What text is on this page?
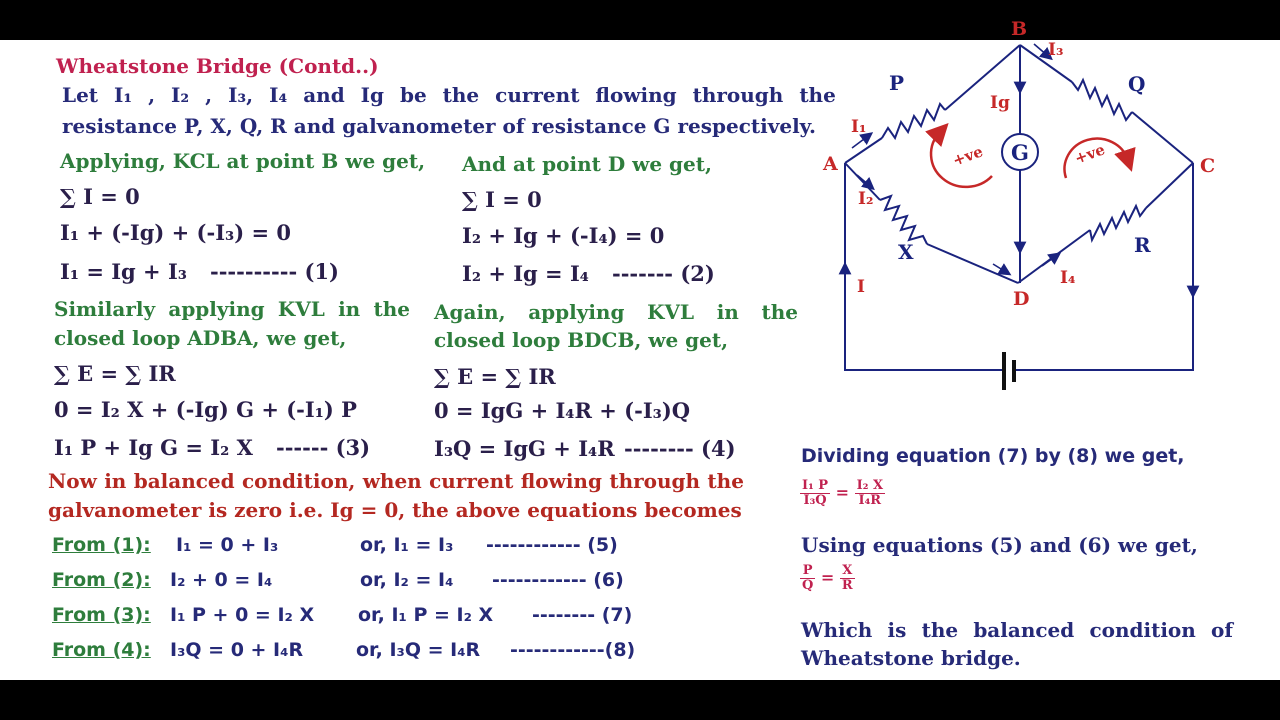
Wheatstone Bridge (Contd..)
Let I₁ , I₂ , I₃, I₄ and Ig be the current flowing through the
resistance P, X, Q, R and galvanometer of resistance G respectively.
Applying, KCL at point B we get,
∑ I = 0
I₁ + (-Ig) + (-I₃) = 0
I₁ = Ig + I₃ ---------- (1)
And at point D we get,
∑ I = 0
I₂ + Ig + (-I₄) = 0
I₂ + Ig = I₄ ------- (2)
Similarly applying KVL in the
closed loop ADBA, we get,
∑ E = ∑ IR
0 = I₂ X + (-Ig) G + (-I₁) P
I₁ P + Ig G = I₂ X ------ (3)
Again, applying KVL in the
closed loop BDCB, we get,
∑ E = ∑ IR
0 = IgG + I₄R + (-I₃)Q
I₃Q = IgG + I₄R -------- (4)
Now in balanced condition, when current flowing through the
galvanometer is zero i.e. Ig = 0, the above equations becomes
From (1): I₁ = 0 + I₃	or, I₁ = I₃ ------------ (5)
From (2): I₂ + 0 = I₄	or, I₂ = I₄ ------------ (6)
From (3): I₁ P + 0 = I₂ X or, I₁ P = I₂ X -------- (7)
From (4): I₃Q = 0 + I₄R	or, I₃Q = I₄R ------------(8)
Dividing equation (7) by (8) we get,
$\frac{\text{I₁ P}}{\text{I₃Q}} = \frac{\text{I₂ X}}{\text{I₄R}}$
Using equations (5) and (6) we get,
$\frac{P}{Q} = \frac{X}{R}$
Which is the balanced condition of
Wheatstone bridge.
G
+ve	+ve
B
A	C
D
P	Q
X	R
I₁
I₂
I₃
I₄
Ig
I
